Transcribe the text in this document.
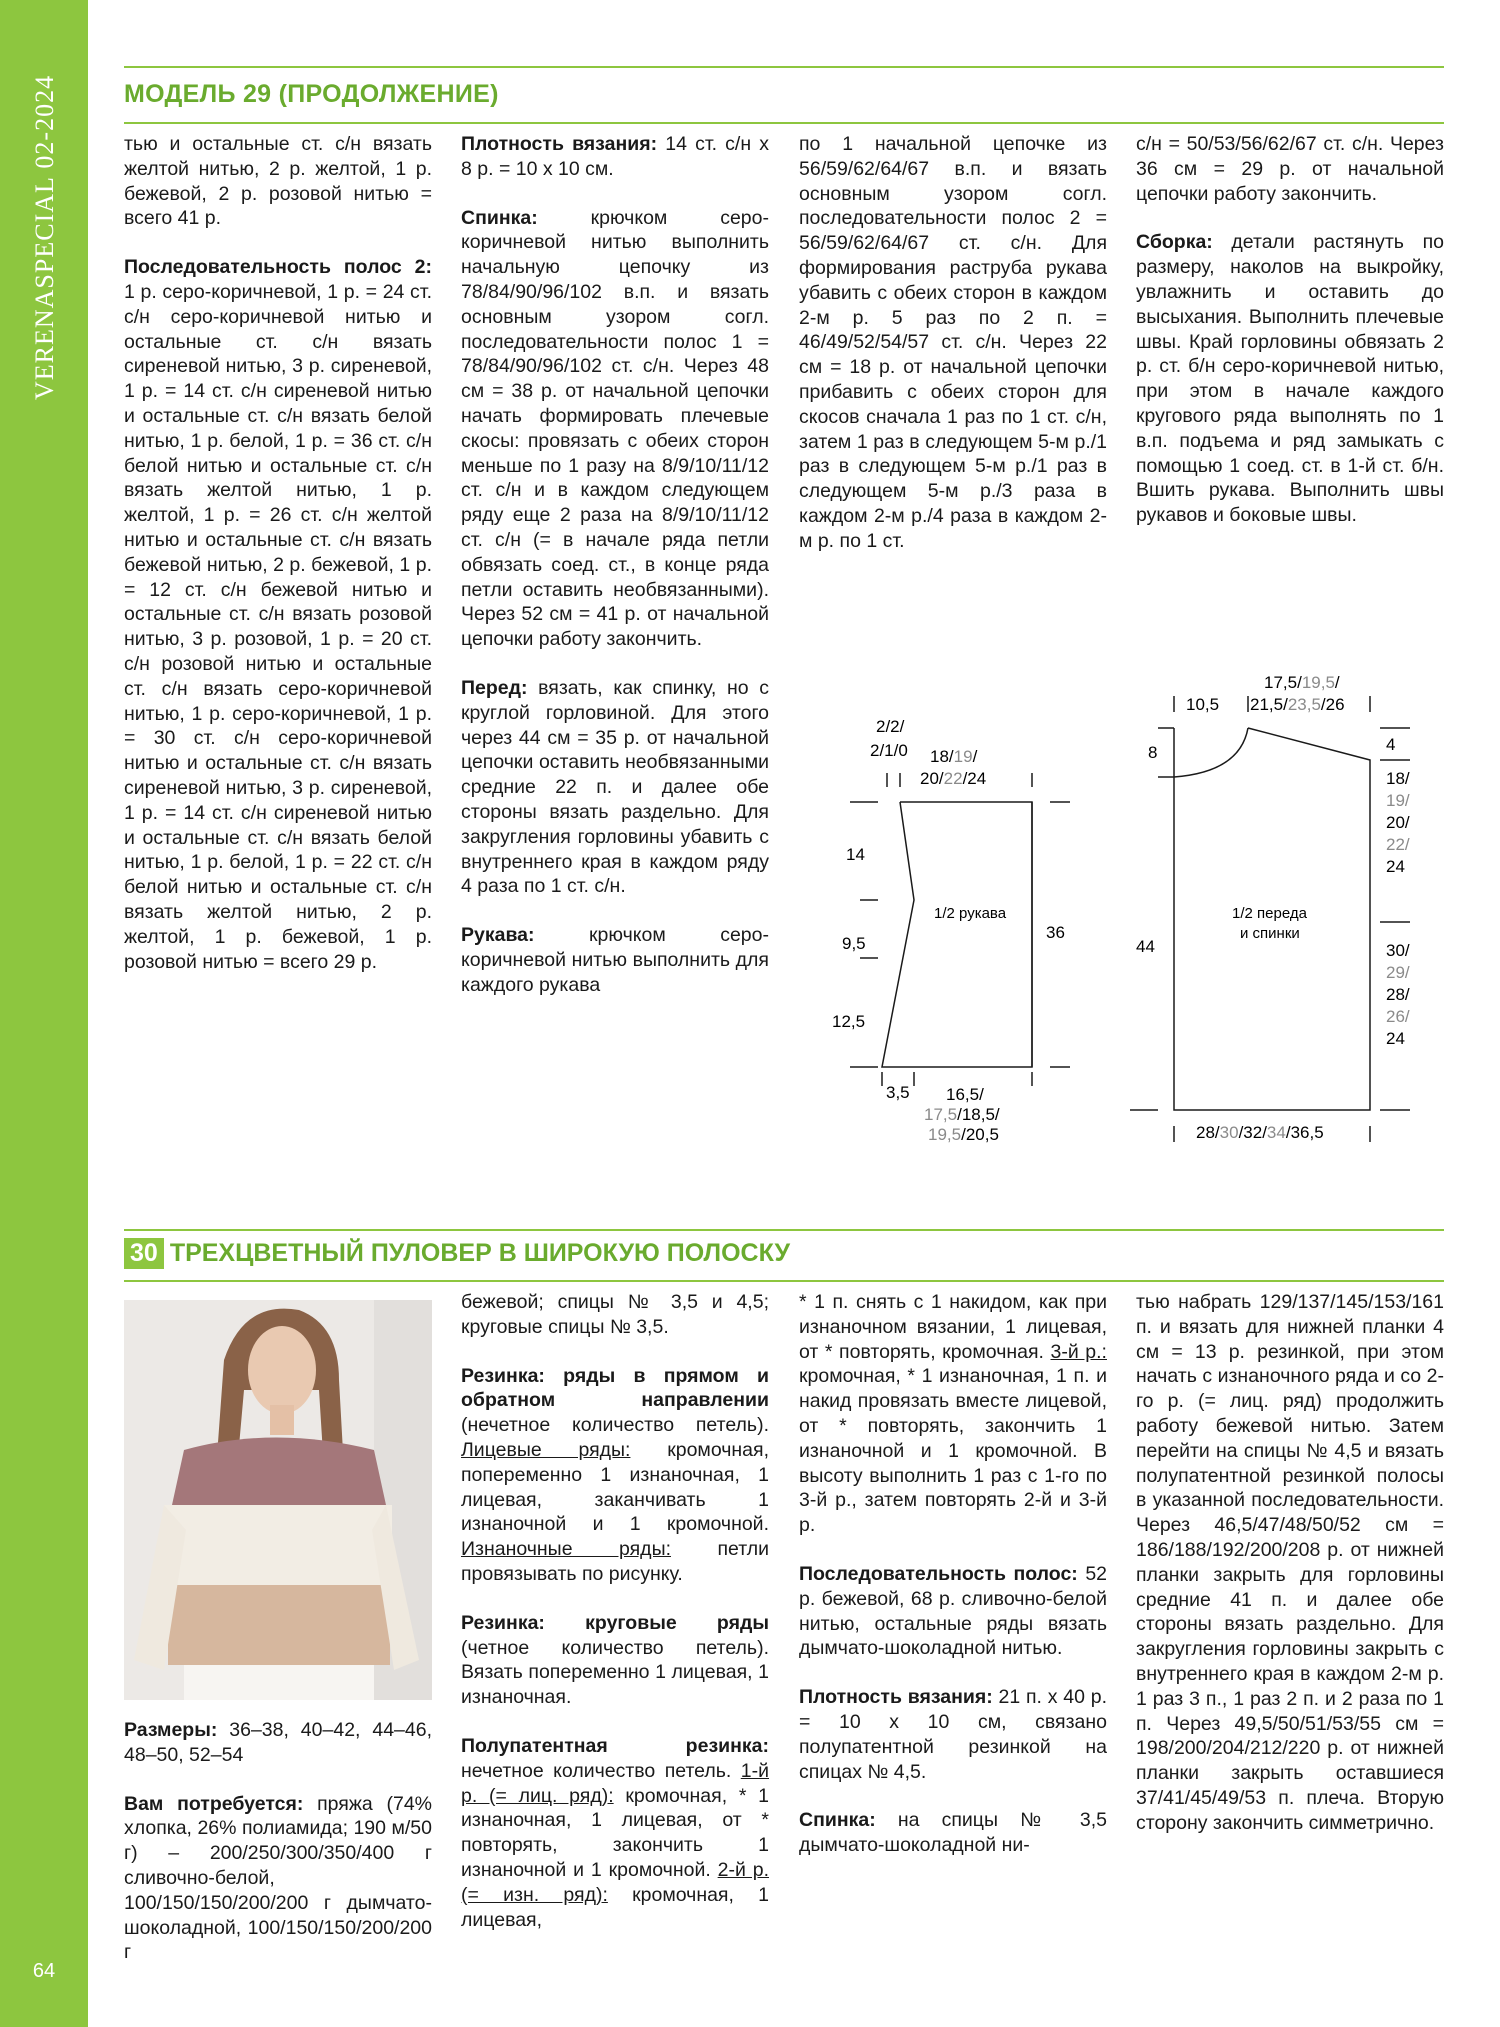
VERENASPECIAL 02-2024
64
МОДЕЛЬ 29 (ПРОДОЛЖЕНИЕ)

тью и остальные ст. с/н вязать желтой нитью, 2 р. желтой, 1 р. бежевой, 2 р. розовой нитью = всего 41 р.

Последовательность полос 2: 1 р. серо-коричневой, 1 р. = 24 ст. с/н серо-коричневой нитью и остальные ст. с/н вязать сиреневой нитью, 3 р. сиреневой, 1 р. = 14 ст. с/н сиреневой нитью и остальные ст. с/н вязать белой нитью, 1 р. белой, 1 р. = 36 ст. с/н белой нитью и остальные ст. с/н вязать желтой нитью, 1 р. желтой, 1 р. = 26 ст. с/н желтой нитью и остальные ст. с/н вязать бежевой нитью, 2 р. бежевой, 1 р. = 12 ст. с/н бежевой нитью и остальные ст. с/н вязать розовой нитью, 3 р. розовой, 1 р. = 20 ст. с/н розовой нитью и остальные ст. с/н вязать серо-коричневой нитью, 1 р. серо-коричневой, 1 р. = 30 ст. с/н серо-коричневой нитью и остальные ст. с/н вязать сиреневой нитью, 3 р. сиреневой, 1 р. = 14 ст. с/н сиреневой нитью и остальные ст. с/н вязать белой нитью, 1 р. белой, 1 р. = 22 ст. с/н белой нитью и остальные ст. с/н вязать желтой нитью, 2 р. желтой, 1 р. бежевой, 1 р. розовой нитью = всего 29 р.

Плотность вязания: 14 ст. с/н х 8 р. = 10 х 10 см.

Спинка: крючком серо-коричневой нитью выполнить начальную цепочку из 78/84/90/96/102 в.п. и вязать основным узором согл. последовательности полос 1 = 78/84/90/96/102 ст. с/н. Через 48 см = 38 р. от начальной цепочки начать формировать плечевые скосы: провязать с обеих сторон меньше по 1 разу на 8/9/10/11/12 ст. с/н и в каждом следующем ряду еще 2 раза на 8/9/10/11/12 ст. с/н (= в начале ряда петли обвязать соед. ст., в конце ряда петли оставить необвязанными). Через 52 см = 41 р. от начальной цепочки работу закончить.

Перед: вязать, как спинку, но с круглой горловиной. Для этого через 44 см = 35 р. от начальной цепочки оставить необвязанными средние 22 п. и далее обе стороны вязать раздельно. Для закругления горловины убавить с внутреннего края в каждом ряду 4 раза по 1 ст. с/н.

Рукава: крючком серо-коричневой нитью выполнить для каждого рукава

по 1 начальной цепочке из 56/59/62/64/67 в.п. и вязать основным узором согл. последовательности полос 2 = 56/59/62/64/67 ст. с/н. Для формирования раструба рукава убавить с обеих сторон в каждом 2-м р. 5 раз по 2 п. = 46/49/52/54/57 ст. с/н. Через 22 см = 18 р. от начальной цепочки прибавить с обеих сторон для скосов сначала 1 раз по 1 ст. с/н, затем 1 раз в следующем 5-м р./1 раз в следующем 5-м р./1 раз в следующем 5-м р./3 раза в каждом 2-м р./4 раза в каждом 2-м р. по 1 ст.

с/н = 50/53/56/62/67 ст. с/н. Через 36 см = 29 р. от начальной цепочки работу закончить.

Сборка: детали растянуть по размеру, наколов на выкройку, увлажнить и оставить до высыхания. Выполнить плечевые швы. Край горловины обвязать 2 р. ст. б/н серо-коричневой нитью, при этом в начале каждого кругового ряда выполнять по 1 в.п. подъема и ряд замыкать с помощью 1 соед. ст. в 1-й ст. б/н. Вшить рукава. Выполнить швы рукавов и боковые швы.

2/2/
2/1/0 18/19/
20/22/24
1/2 рукава
14
9,5
12,5
36
3,5 16,5/
17,5/18,5/
19,5/20,5
17,5/19,5/
21,5/23,5/26
10,5
8	4
18/
19/
20/
22/
24
30/
29/
28/
26/
24
44
1/2 переда
и спинки
28/30/32/34/36,5
30 ТРЕХЦВЕТНЫЙ ПУЛОВЕР В ШИРОКУЮ ПОЛОСКУ

Размеры: 36–38, 40–42, 44–46, 48–50, 52–54

Вам потребуется: пряжа (74% хлопка, 26% полиамида; 190 м/50 г) – 200/250/300/350/400 г сливочно-белой, 100/150/150/200/200 г дымчато-шоколадной, 100/150/150/200/200 г

бежевой; спицы № 3,5 и 4,5; круговые спицы № 3,5.

Резинка: ряды в прямом и обратном направлении (нечетное количество петель). Лицевые ряды: кромочная, попеременно 1 изнаночная, 1 лицевая, заканчивать 1 изнаночной и 1 кромочной. Изнаночные ряды: петли провязывать по рисунку.

Резинка: круговые ряды (четное количество петель). Вязать попеременно 1 лицевая, 1 изнаночная.

Полупатентная резинка: нечетное количество петель. 1-й р. (= лиц. ряд): кромочная, * 1 изнаночная, 1 лицевая, от * повторять, закончить 1 изнаночной и 1 кромочной. 2-й р. (= изн. ряд): кромочная, 1 лицевая,

* 1 п. снять с 1 накидом, как при изнаночном вязании, 1 лицевая, от * повторять, кромочная. 3-й р.: кромочная, * 1 изнаночная, 1 п. и накид провязать вместе лицевой, от * повторять, закончить 1 изнаночной и 1 кромочной. В высоту выполнить 1 раз с 1-го по 3-й р., затем повторять 2-й и 3-й р.

Последовательность полос: 52 р. бежевой, 68 р. сливочно-белой нитью, остальные ряды вязать дымчато-шоколадной нитью.

Плотность вязания: 21 п. х 40 р. = 10 х 10 см, связано полупатентной резинкой на спицах № 4,5.

Спинка: на спицы № 3,5 дымчато-шоколадной ни-

тью набрать 129/137/145/153/161 п. и вязать для нижней планки 4 см = 13 р. резинкой, при этом начать с изнаночного ряда и со 2-го р. (= лиц. ряд) продолжить работу бежевой нитью. Затем перейти на спицы № 4,5 и вязать полупатентной резинкой полосы в указанной последовательности. Через 46,5/47/48/50/52 см = 186/188/192/200/208 р. от нижней планки закрыть для горловины средние 41 п. и далее обе стороны вязать раздельно. Для закругления горловины закрыть с внутреннего края в каждом 2-м р. 1 раз 3 п., 1 раз 2 п. и 2 раза по 1 п. Через 49,5/50/51/53/55 см = 198/200/204/212/220 р. от нижней планки закрыть оставшиеся 37/41/45/49/53 п. плеча. Вторую сторону закончить симметрично.
